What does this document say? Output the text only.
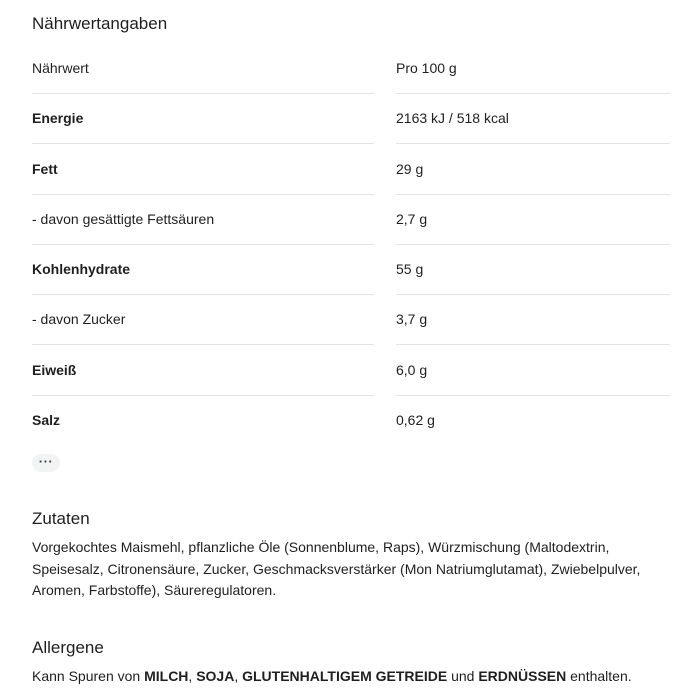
Nährwertangaben
Nährwert	Pro 100 g
Energie	2163 kJ / 518 kcal
Fett	29 g
- davon gesättigte Fettsäuren	2,7 g
Kohlenhydrate	55 g
- davon Zucker	3,7 g
Eiweiß	6,0 g
Salz	0,62 g
···
Zutaten

Vorgekochtes Maismehl, pflanzliche Öle (Sonnenblume, Raps), Würzmischung (Maltodextrin, Speisesalz, Citronensäure, Zucker, Geschmacksverstärker (Mon Natriumglutamat), Zwiebelpulver, Aromen, Farbstoffe), Säureregulatoren.

Allergene

Kann Spuren von MILCH, SOJA, GLUTENHALTIGEM GETREIDE und ERDNÜSSEN enthalten.
